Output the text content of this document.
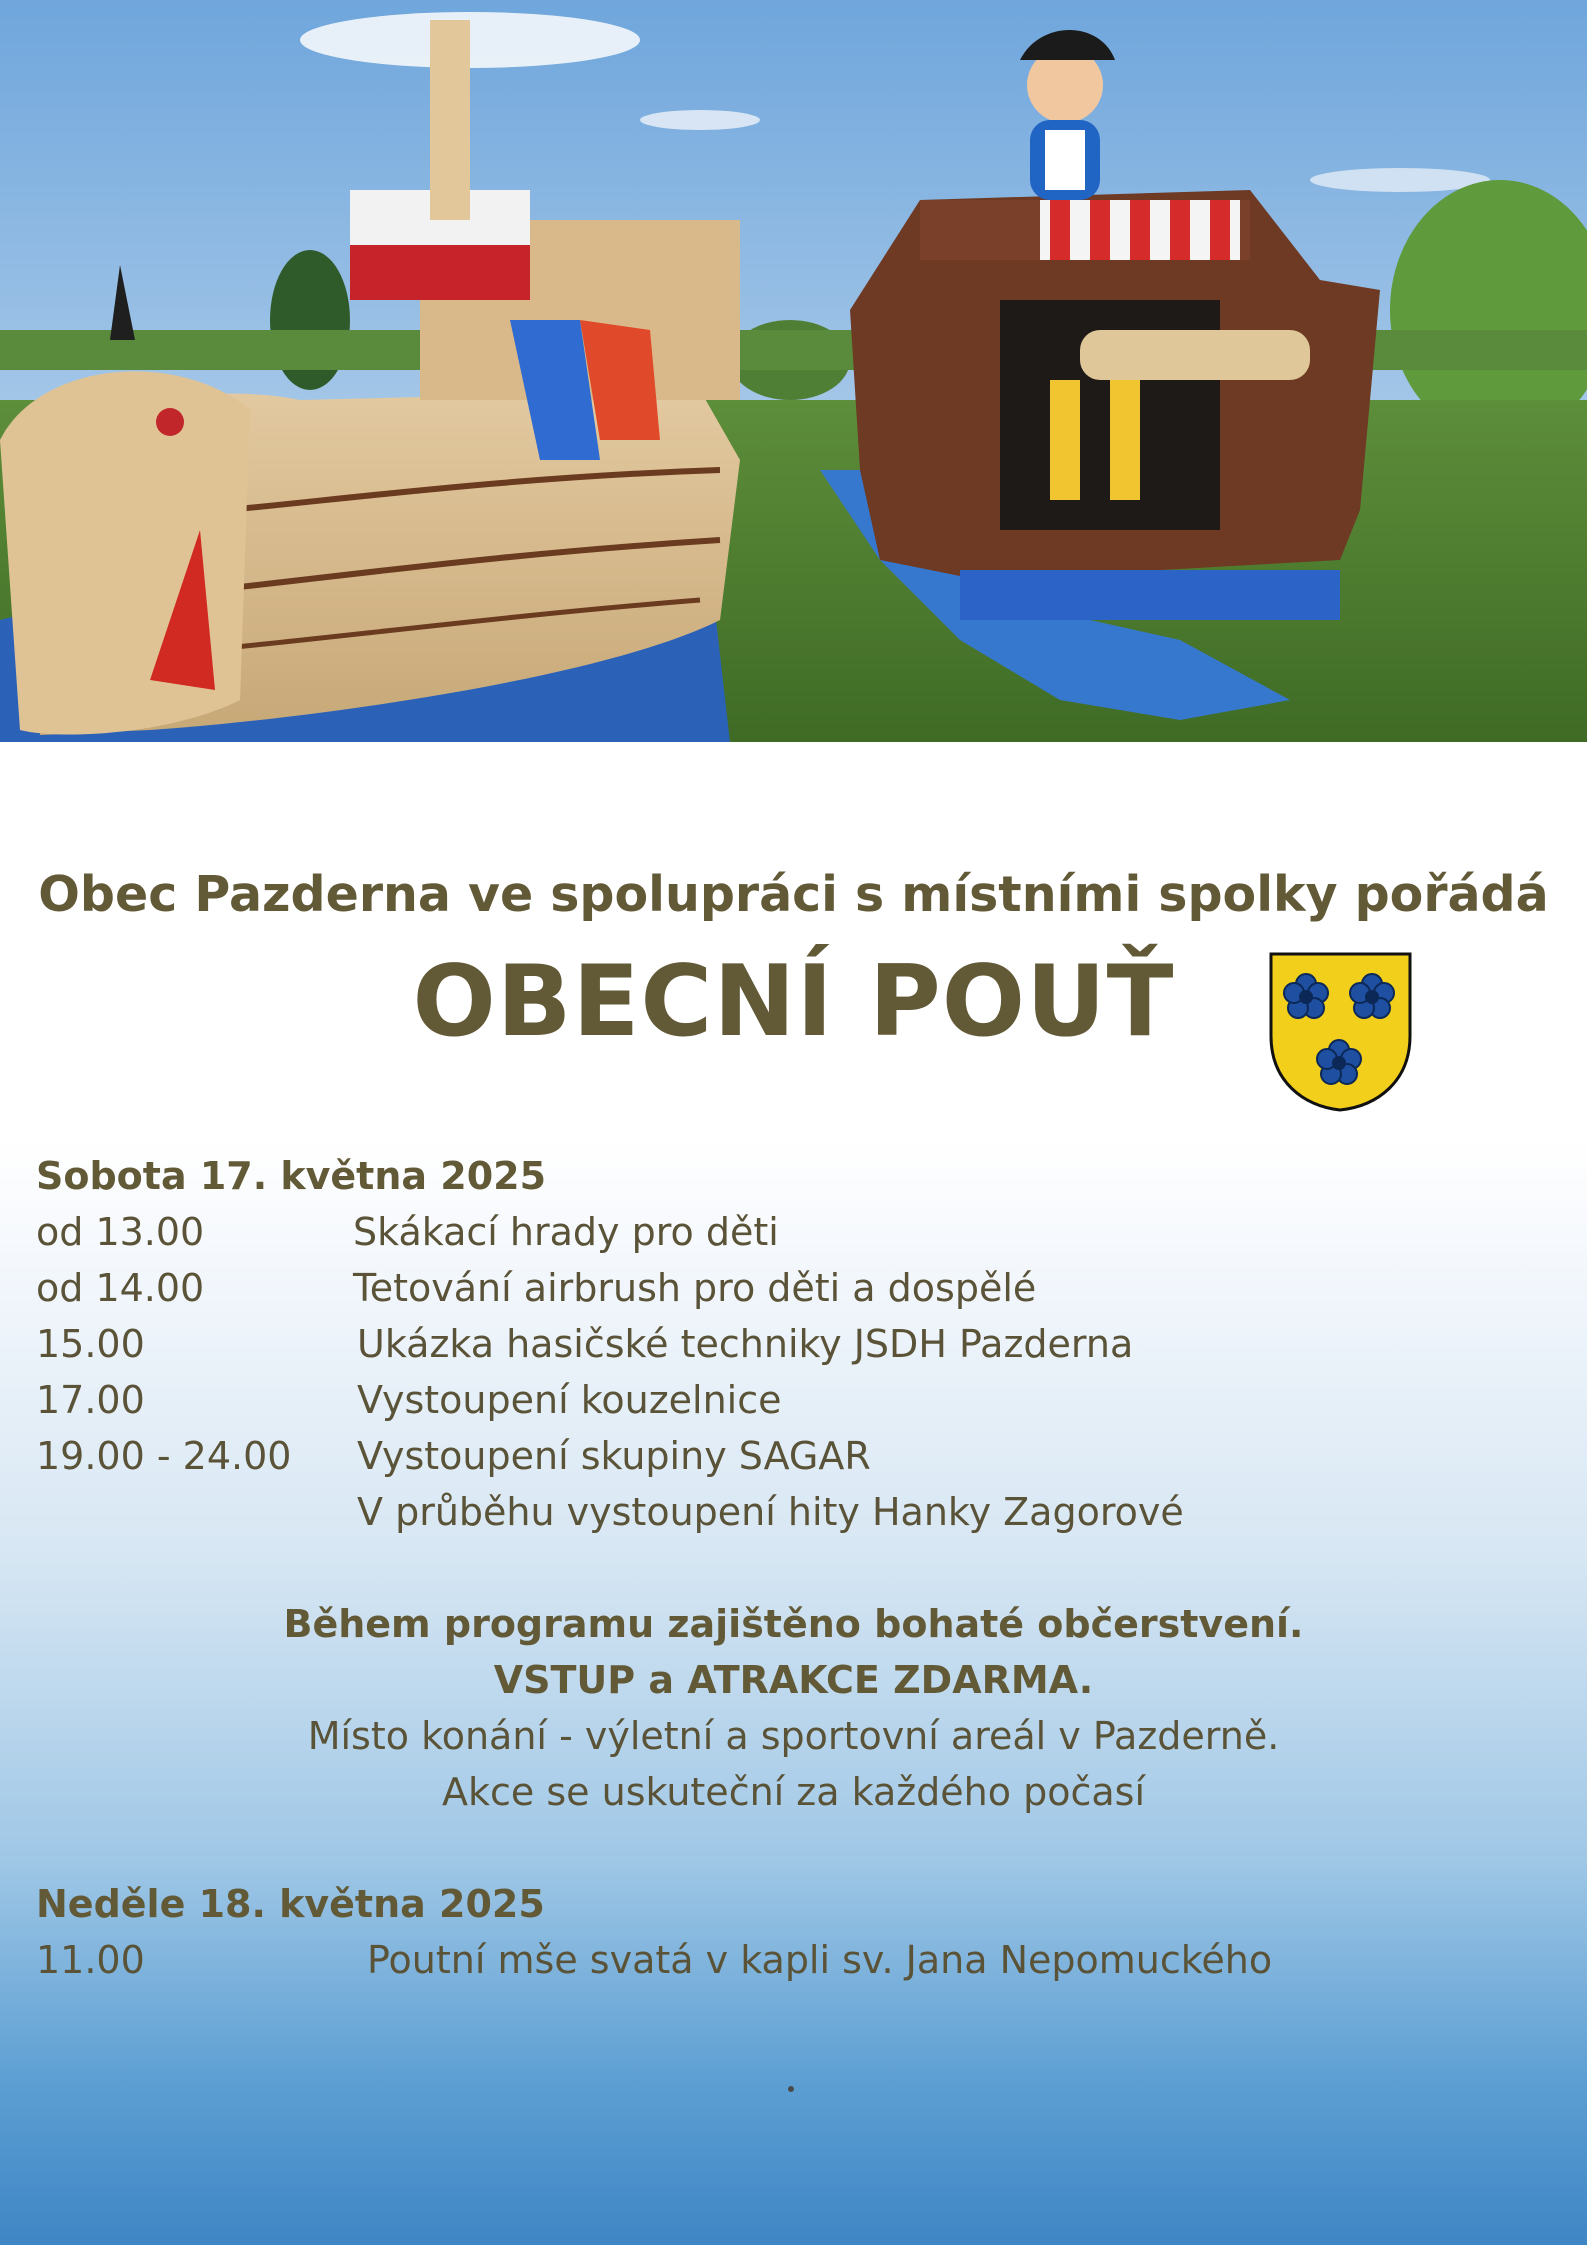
Obec Pazderna ve spolupráci s místními spolky pořádá
OBECNÍ POUŤ
Sobota 17. května 2025
od 13.00	Skákací hrady pro děti
od 14.00	Tetování airbrush pro děti a dospělé
15.00	Ukázka hasičské techniky JSDH Pazderna
17.00	Vystoupení kouzelnice
19.00 - 24.00 Vystoupení skupiny SAGAR
V průběhu vystoupení hity Hanky Zagorové
Během programu zajištěno bohaté občerstvení.
VSTUP a ATRAKCE ZDARMA.
Místo konání - výletní a sportovní areál v Pazderně.
Akce se uskuteční za každého počasí
Neděle 18. května 2025
11.00	Poutní mše svatá v kapli sv. Jana Nepomuckého
